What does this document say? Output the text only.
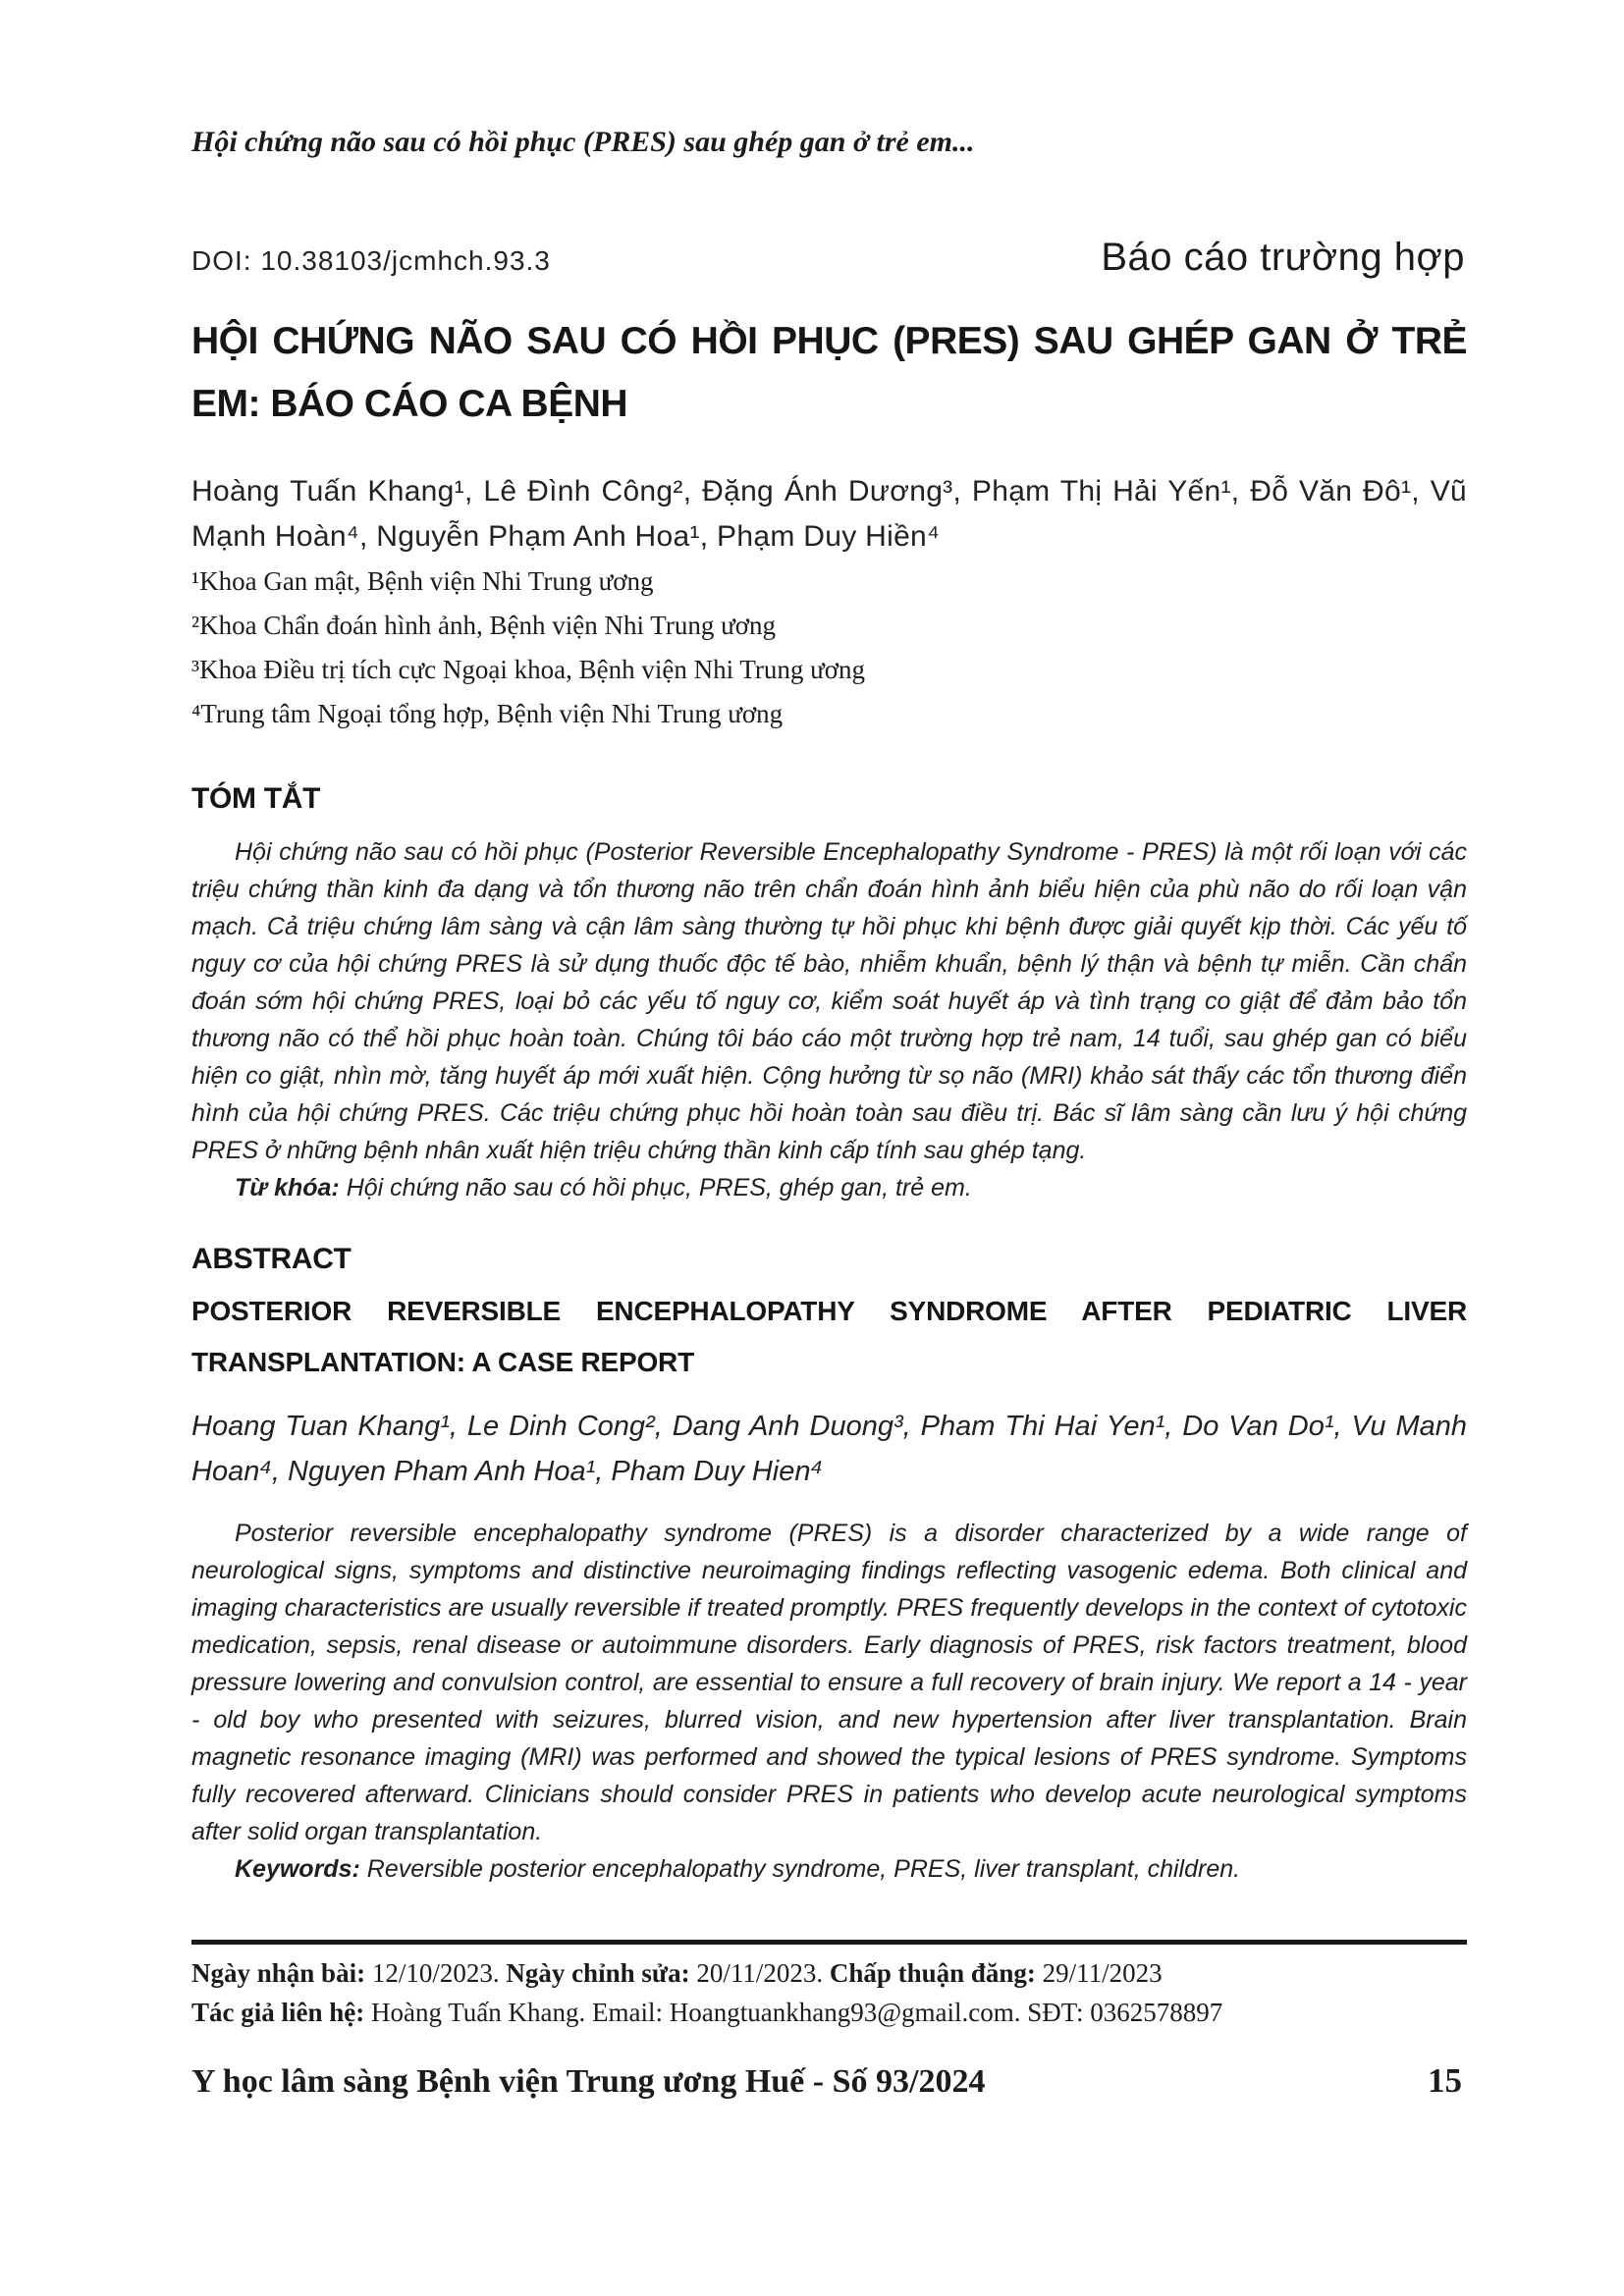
Hội chứng não sau có hồi phục (PRES) sau ghép gan ở trẻ em...
DOI: 10.38103/jcmhch.93.3	Báo cáo trường hợp
HỘI CHỨNG NÃO SAU CÓ HỒI PHỤC (PRES) SAU GHÉP GAN Ở TRẺ
EM: BÁO CÁO CA BỆNH

Hoàng Tuấn Khang¹, Lê Đình Công², Đặng Ánh Dương³, Phạm Thị Hải Yến¹, Đỗ Văn Đô¹, Vũ Mạnh Hoàn⁴, Nguyễn Phạm Anh Hoa¹, Phạm Duy Hiền⁴

¹Khoa Gan mật, Bệnh viện Nhi Trung ương
²Khoa Chẩn đoán hình ảnh, Bệnh viện Nhi Trung ương
³Khoa Điều trị tích cực Ngoại khoa, Bệnh viện Nhi Trung ương
⁴Trung tâm Ngoại tổng hợp, Bệnh viện Nhi Trung ương
TÓM TẮT

Hội chứng não sau có hồi phục (Posterior Reversible Encephalopathy Syndrome - PRES) là một rối loạn với các triệu chứng thần kinh đa dạng và tổn thương não trên chẩn đoán hình ảnh biểu hiện của phù não do rối loạn vận mạch. Cả triệu chứng lâm sàng và cận lâm sàng thường tự hồi phục khi bệnh được giải quyết kịp thời. Các yếu tố nguy cơ của hội chứng PRES là sử dụng thuốc độc tế bào, nhiễm khuẩn, bệnh lý thận và bệnh tự miễn. Cần chẩn đoán sớm hội chứng PRES, loại bỏ các yếu tố nguy cơ, kiểm soát huyết áp và tình trạng co giật để đảm bảo tổn thương não có thể hồi phục hoàn toàn. Chúng tôi báo cáo một trường hợp trẻ nam, 14 tuổi, sau ghép gan có biểu hiện co giật, nhìn mờ, tăng huyết áp mới xuất hiện. Cộng hưởng từ sọ não (MRI) khảo sát thấy các tổn thương điển hình của hội chứng PRES. Các triệu chứng phục hồi hoàn toàn sau điều trị. Bác sĩ lâm sàng cần lưu ý hội chứng PRES ở những bệnh nhân xuất hiện triệu chứng thần kinh cấp tính sau ghép tạng.

Từ khóa: Hội chứng não sau có hồi phục, PRES, ghép gan, trẻ em.

ABSTRACT
POSTERIOR REVERSIBLE ENCEPHALOPATHY SYNDROME AFTER PEDIATRIC LIVER
TRANSPLANTATION: A CASE REPORT

Hoang Tuan Khang¹, Le Dinh Cong², Dang Anh Duong³, Pham Thi Hai Yen¹, Do Van Do¹, Vu Manh Hoan⁴, Nguyen Pham Anh Hoa¹, Pham Duy Hien⁴

Posterior reversible encephalopathy syndrome (PRES) is a disorder characterized by a wide range of neurological signs, symptoms and distinctive neuroimaging findings reflecting vasogenic edema. Both clinical and imaging characteristics are usually reversible if treated promptly. PRES frequently develops in the context of cytotoxic medication, sepsis, renal disease or autoimmune disorders. Early diagnosis of PRES, risk factors treatment, blood pressure lowering and convulsion control, are essential to ensure a full recovery of brain injury. We report a 14 - year - old boy who presented with seizures, blurred vision, and new hypertension after liver transplantation. Brain magnetic resonance imaging (MRI) was performed and showed the typical lesions of PRES syndrome. Symptoms fully recovered afterward. Clinicians should consider PRES in patients who develop acute neurological symptoms after solid organ transplantation.

Keywords: Reversible posterior encephalopathy syndrome, PRES, liver transplant, children.

Ngày nhận bài: 12/10/2023. Ngày chỉnh sửa: 20/11/2023. Chấp thuận đăng: 29/11/2023

Tác giả liên hệ: Hoàng Tuấn Khang. Email: Hoangtuankhang93@gmail.com. SĐT: 0362578897

Y học lâm sàng Bệnh viện Trung ương Huế - Số 93/2024	15
